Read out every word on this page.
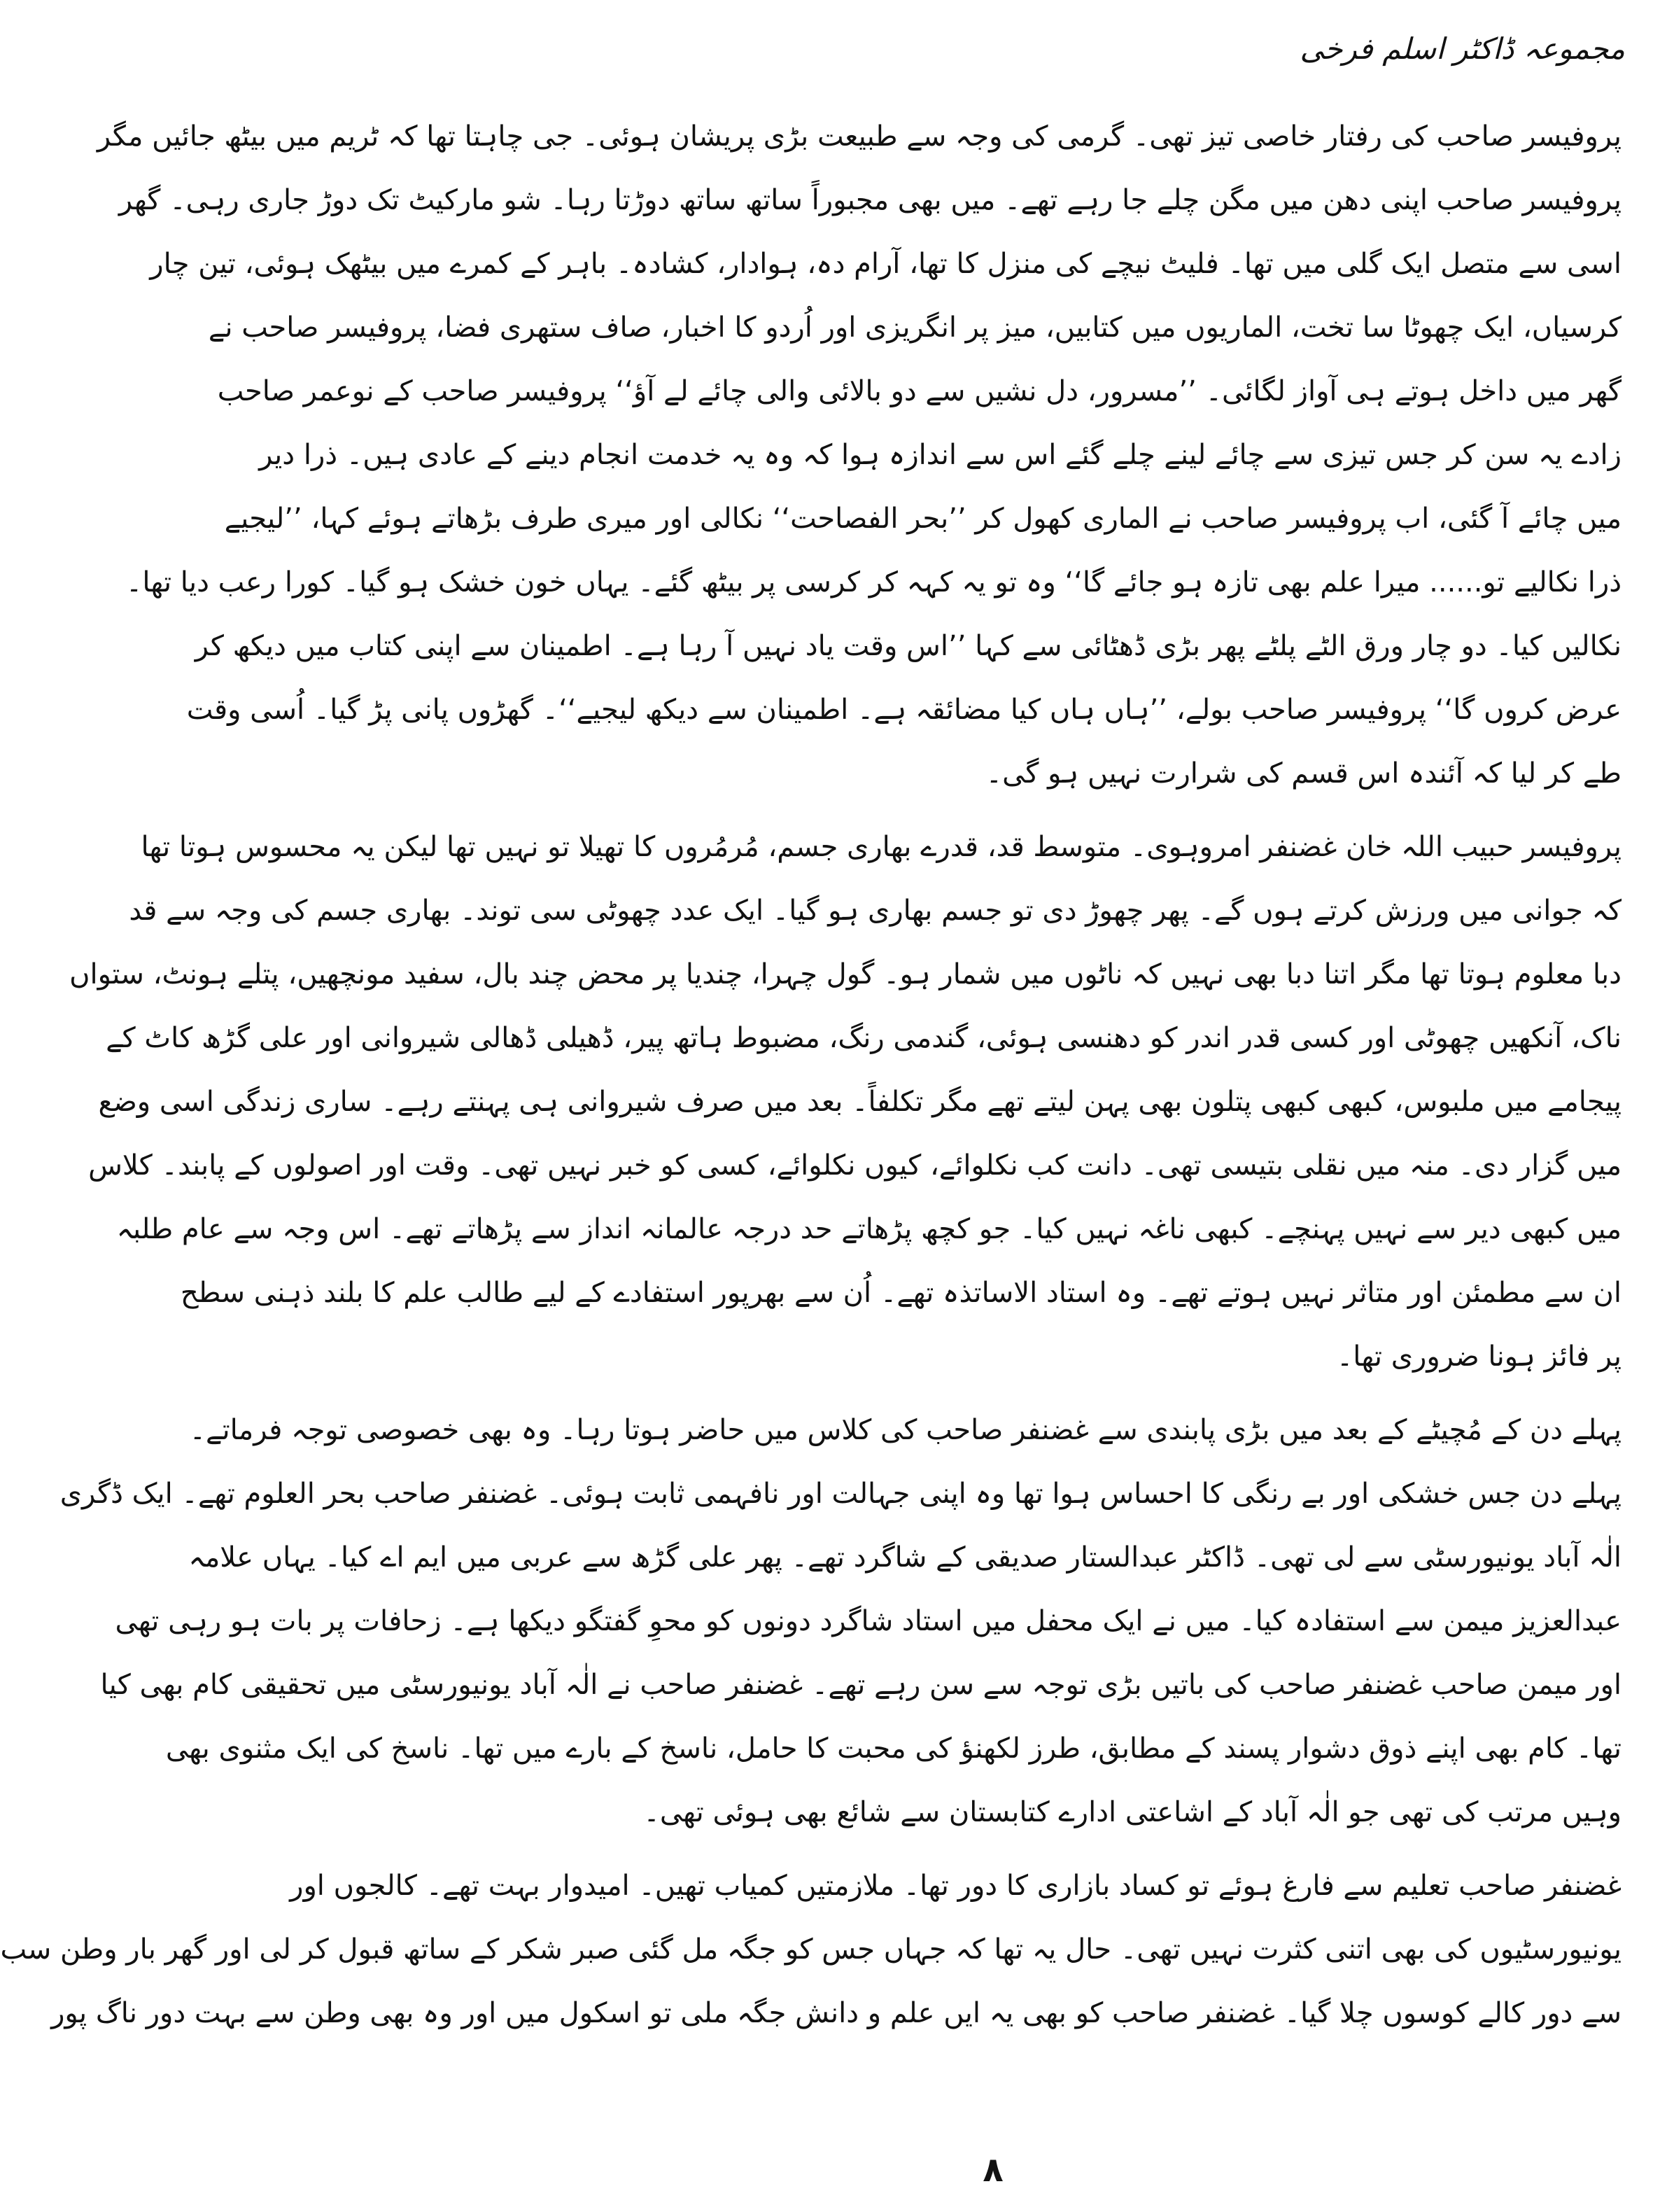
مجموعہ ڈاکٹر اسلم فرخی
پروفیسر صاحب کی رفتار خاصی تیز تھی۔ گرمی کی وجہ سے طبیعت بڑی پریشان ہوئی۔ جی چاہتا تھا کہ ٹریم میں بیٹھ جائیں مگر
پروفیسر صاحب اپنی دھن میں مگن چلے جا رہے تھے۔ میں بھی مجبوراً ساتھ ساتھ دوڑتا رہا۔ شو مارکیٹ تک دوڑ جاری رہی۔ گھر
اسی سے متصل ایک گلی میں تھا۔ فلیٹ نیچے کی منزل کا تھا، آرام دہ، ہوادار، کشادہ۔ باہر کے کمرے میں بیٹھک ہوئی، تین چار
کرسیاں، ایک چھوٹا سا تخت، الماریوں میں کتابیں، میز پر انگریزی اور اُردو کا اخبار، صاف ستھری فضا، پروفیسر صاحب نے
گھر میں داخل ہوتے ہی آواز لگائی۔ ’’مسرور، دل نشیں سے دو بالائی والی چائے لے آؤ‘‘ پروفیسر صاحب کے نوعمر صاحب
زادے یہ سن کر جس تیزی سے چائے لینے چلے گئے اس سے اندازہ ہوا کہ وہ یہ خدمت انجام دینے کے عادی ہیں۔ ذرا دیر
میں چائے آ گئی، اب پروفیسر صاحب نے الماری کھول کر ’’بحر الفصاحت‘‘ نکالی اور میری طرف بڑھاتے ہوئے کہا، ’’لیجیے
ذرا نکالیے تو...... میرا علم بھی تازہ ہو جائے گا‘‘ وہ تو یہ کہہ کر کرسی پر بیٹھ گئے۔ یہاں خون خشک ہو گیا۔ کورا رعب دیا تھا۔
نکالیں کیا۔ دو چار ورق الٹے پلٹے پھر بڑی ڈھٹائی سے کہا ’’اس وقت یاد نہیں آ رہا ہے۔ اطمینان سے اپنی کتاب میں دیکھ کر
عرض کروں گا‘‘ پروفیسر صاحب بولے، ’’ہاں ہاں کیا مضائقہ ہے۔ اطمینان سے دیکھ لیجیے‘‘۔ گھڑوں پانی پڑ گیا۔ اُسی وقت
طے کر لیا کہ آئندہ اس قسم کی شرارت نہیں ہو گی۔
پروفیسر حبیب اللہ خان غضنفر امروہوی۔ متوسط قد، قدرے بھاری جسم، مُرمُروں کا تھیلا تو نہیں تھا لیکن یہ محسوس ہوتا تھا
کہ جوانی میں ورزش کرتے ہوں گے۔ پھر چھوڑ دی تو جسم بھاری ہو گیا۔ ایک عدد چھوٹی سی توند۔ بھاری جسم کی وجہ سے قد
دبا معلوم ہوتا تھا مگر اتنا دبا بھی نہیں کہ ناٹوں میں شمار ہو۔ گول چہرا، چندیا پر محض چند بال، سفید مونچھیں، پتلے ہونٹ، ستواں
ناک، آنکھیں چھوٹی اور کسی قدر اندر کو دھنسی ہوئی، گندمی رنگ، مضبوط ہاتھ پیر، ڈھیلی ڈھالی شیروانی اور علی گڑھ کاٹ کے
پیجامے میں ملبوس، کبھی کبھی پتلون بھی پہن لیتے تھے مگر تکلفاً۔ بعد میں صرف شیروانی ہی پہنتے رہے۔ ساری زندگی اسی وضع
میں گزار دی۔ منہ میں نقلی بتیسی تھی۔ دانت کب نکلوائے، کیوں نکلوائے، کسی کو خبر نہیں تھی۔ وقت اور اصولوں کے پابند۔ کلاس
میں کبھی دیر سے نہیں پہنچے۔ کبھی ناغہ نہیں کیا۔ جو کچھ پڑھاتے حد درجہ عالمانہ انداز سے پڑھاتے تھے۔ اس وجہ سے عام طلبہ
ان سے مطمئن اور متاثر نہیں ہوتے تھے۔ وہ استاد الاساتذہ تھے۔ اُن سے بھرپور استفادے کے لیے طالب علم کا بلند ذہنی سطح
پر فائز ہونا ضروری تھا۔
پہلے دن کے مُچیٹے کے بعد میں بڑی پابندی سے غضنفر صاحب کی کلاس میں حاضر ہوتا رہا۔ وہ بھی خصوصی توجہ فرماتے۔
پہلے دن جس خشکی اور بے رنگی کا احساس ہوا تھا وہ اپنی جہالت اور نافہمی ثابت ہوئی۔ غضنفر صاحب بحر العلوم تھے۔ ایک ڈگری
الٰہ آباد یونیورسٹی سے لی تھی۔ ڈاکٹر عبدالستار صدیقی کے شاگرد تھے۔ پھر علی گڑھ سے عربی میں ایم اے کیا۔ یہاں علامہ
عبدالعزیز میمن سے استفادہ کیا۔ میں نے ایک محفل میں استاد شاگرد دونوں کو محوِ گفتگو دیکھا ہے۔ زحافات پر بات ہو رہی تھی
اور میمن صاحب غضنفر صاحب کی باتیں بڑی توجہ سے سن رہے تھے۔ غضنفر صاحب نے الٰہ آباد یونیورسٹی میں تحقیقی کام بھی کیا
تھا۔ کام بھی اپنے ذوق دشوار پسند کے مطابق، طرز لکھنؤ کی محبت کا حامل، ناسخ کے بارے میں تھا۔ ناسخ کی ایک مثنوی بھی
وہیں مرتب کی تھی جو الٰہ آباد کے اشاعتی ادارے کتابستان سے شائع بھی ہوئی تھی۔
غضنفر صاحب تعلیم سے فارغ ہوئے تو کساد بازاری کا دور تھا۔ ملازمتیں کمیاب تھیں۔ امیدوار بہت تھے۔ کالجوں اور
یونیورسٹیوں کی بھی اتنی کثرت نہیں تھی۔ حال یہ تھا کہ جہاں جس کو جگہ مل گئی صبر شکر کے ساتھ قبول کر لی اور گھر بار وطن سب
سے دور کالے کوسوں چلا گیا۔ غضنفر صاحب کو بھی یہ ایں علم و دانش جگہ ملی تو اسکول میں اور وہ بھی وطن سے بہت دور ناگ پور
۸
